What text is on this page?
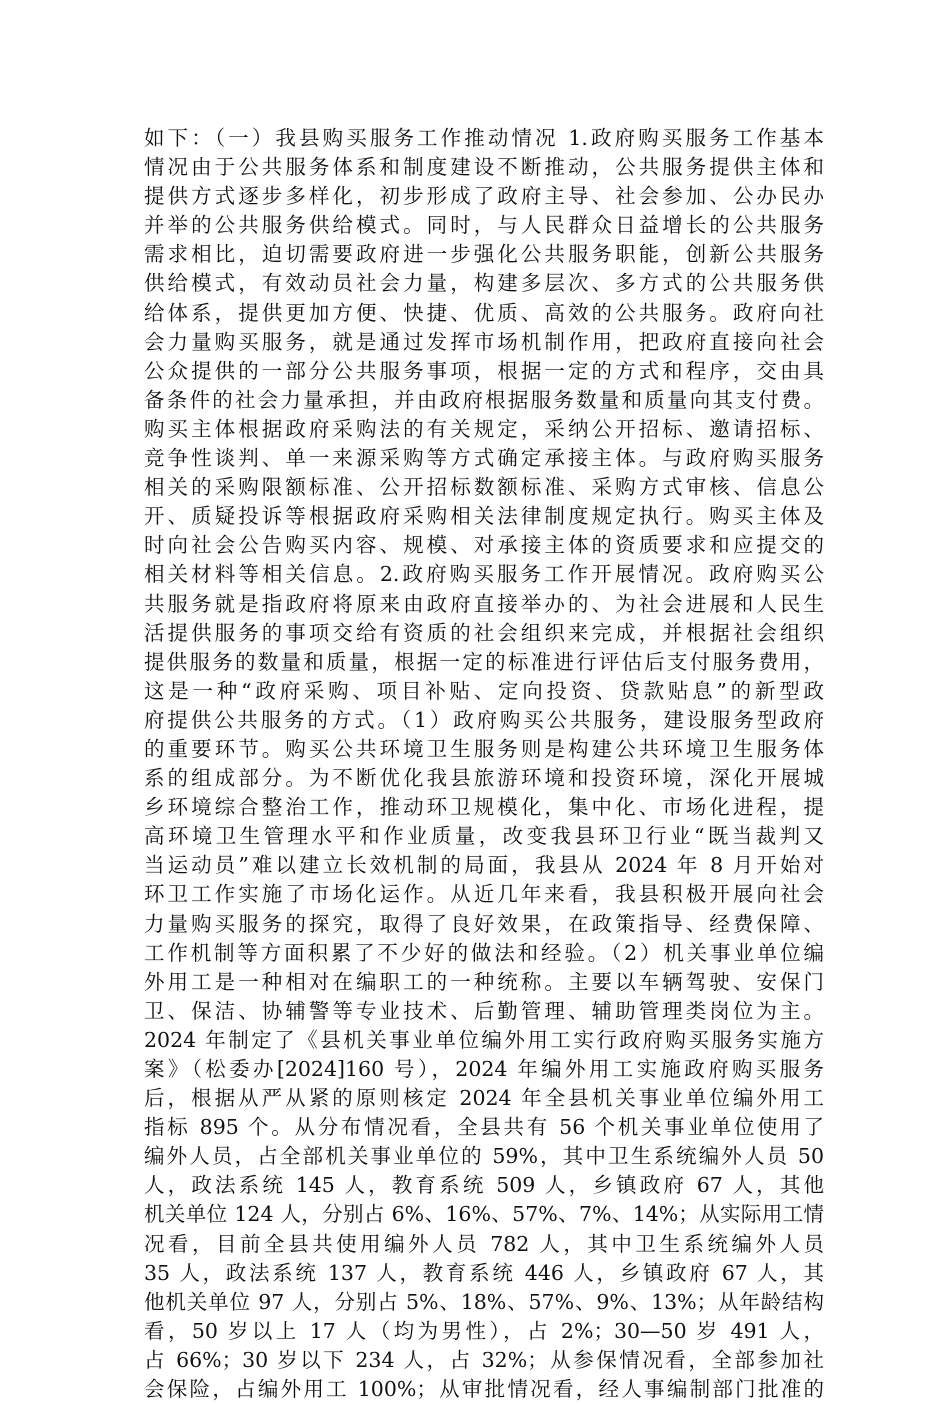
如下：（一）我县购买服务工作推动情况 1.政府购买服务工作基本
情况由于公共服务体系和制度建设不断推动，公共服务提供主体和
提供方式逐步多样化，初步形成了政府主导、社会参加、公办民办
并举的公共服务供给模式。同时，与人民群众日益增长的公共服务
需求相比，迫切需要政府进一步强化公共服务职能，创新公共服务
供给模式，有效动员社会力量，构建多层次、多方式的公共服务供
给体系，提供更加方便、快捷、优质、高效的公共服务。政府向社
会力量购买服务，就是通过发挥市场机制作用，把政府直接向社会
公众提供的一部分公共服务事项，根据一定的方式和程序，交由具
备条件的社会力量承担，并由政府根据服务数量和质量向其支付费。
购买主体根据政府采购法的有关规定，采纳公开招标、邀请招标、
竞争性谈判、单一来源采购等方式确定承接主体。与政府购买服务
相关的采购限额标准、公开招标数额标准、采购方式审核、信息公
开、质疑投诉等根据政府采购相关法律制度规定执行。购买主体及
时向社会公告购买内容、规模、对承接主体的资质要求和应提交的
相关材料等相关信息。2.政府购买服务工作开展情况。政府购买公
共服务就是指政府将原来由政府直接举办的、为社会进展和人民生
活提供服务的事项交给有资质的社会组织来完成，并根据社会组织
提供服务的数量和质量，根据一定的标准进行评估后支付服务费用，
这是一种“政府采购、项目补贴、定向投资、贷款贴息”的新型政
府提供公共服务的方式。（1）政府购买公共服务，建设服务型政府
的重要环节。购买公共环境卫生服务则是构建公共环境卫生服务体
系的组成部分。为不断优化我县旅游环境和投资环境，深化开展城
乡环境综合整治工作，推动环卫规模化，集中化、市场化进程，提
高环境卫生管理水平和作业质量，改变我县环卫行业“既当裁判又
当运动员”难以建立长效机制的局面，我县从 2024 年 8 月开始对
环卫工作实施了市场化运作。从近几年来看，我县积极开展向社会
力量购买服务的探究，取得了良好效果，在政策指导、经费保障、
工作机制等方面积累了不少好的做法和经验。（2）机关事业单位编
外用工是一种相对在编职工的一种统称。主要以车辆驾驶、安保门
卫、保洁、协辅警等专业技术、后勤管理、辅助管理类岗位为主。
2024 年制定了《县机关事业单位编外用工实行政府购买服务实施方
案》（松委办[2024]160 号），2024 年编外用工实施政府购买服务
后，根据从严从紧的原则核定 2024 年全县机关事业单位编外用工
指标 895 个。从分布情况看，全县共有 56 个机关事业单位使用了
编外人员，占全部机关事业单位的 59%，其中卫生系统编外人员 50
人，政法系统 145 人，教育系统 509 人，乡镇政府 67 人，其他
机关单位 124 人，分别占 6%、16%、57%、7%、14%；从实际用工情
况看，目前全县共使用编外人员 782 人，其中卫生系统编外人员
35 人，政法系统 137 人，教育系统 446 人，乡镇政府 67 人，其
他机关单位 97 人，分别占 5%、18%、57%、9%、13%；从年龄结构
看，50 岁以上 17 人（均为男性），占 2%；30—50 岁 491 人，
占 66%；30 岁以下 234 人，占 32%；从参保情况看，全部参加社
会保险，占编外用工 100%；从审批情况看，经人事编制部门批准的
